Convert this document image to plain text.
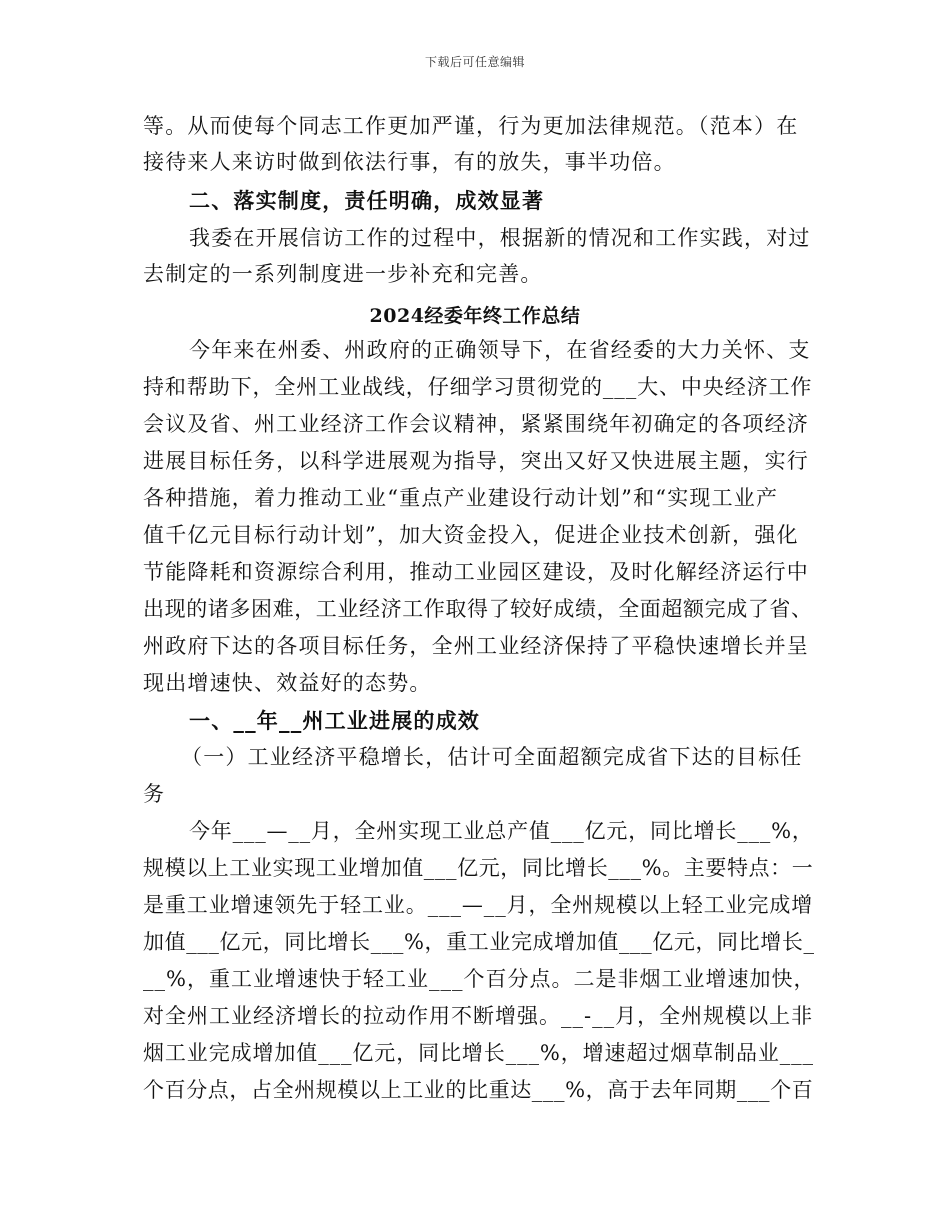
下载后可任意编辑
等。从而使每个同志工作更加严谨，行为更加法律规范。（范本）在
接待来人来访时做到依法行事，有的放失，事半功倍。
二、落实制度，责任明确，成效显著
我委在开展信访工作的过程中，根据新的情况和工作实践，对过
去制定的一系列制度进一步补充和完善。
2024经委年终工作总结
今年来在州委、州政府的正确领导下，在省经委的大力关怀、支
持和帮助下，全州工业战线，仔细学习贯彻党的___大、中央经济工作
会议及省、州工业经济工作会议精神，紧紧围绕年初确定的各项经济
进展目标任务，以科学进展观为指导，突出又好又快进展主题，实行
各种措施，着力推动工业“重点产业建设行动计划”和“实现工业产
值千亿元目标行动计划”，加大资金投入，促进企业技术创新，强化
节能降耗和资源综合利用，推动工业园区建设，及时化解经济运行中
出现的诸多困难，工业经济工作取得了较好成绩，全面超额完成了省、
州政府下达的各项目标任务，全州工业经济保持了平稳快速增长并呈
现出增速快、效益好的态势。
一、__年__州工业进展的成效
（一）工业经济平稳增长，估计可全面超额完成省下达的目标任
务
今年___—__月，全州实现工业总产值___亿元，同比增长___%，
规模以上工业实现工业增加值___亿元，同比增长___%。主要特点：一
是重工业增速领先于轻工业。___—__月，全州规模以上轻工业完成增
加值___亿元，同比增长___%，重工业完成增加值___亿元，同比增长_
__%，重工业增速快于轻工业___个百分点。二是非烟工业增速加快，
对全州工业经济增长的拉动作用不断增强。__-__月，全州规模以上非
烟工业完成增加值___亿元，同比增长___%，增速超过烟草制品业___
个百分点，占全州规模以上工业的比重达___%，高于去年同期___个百
